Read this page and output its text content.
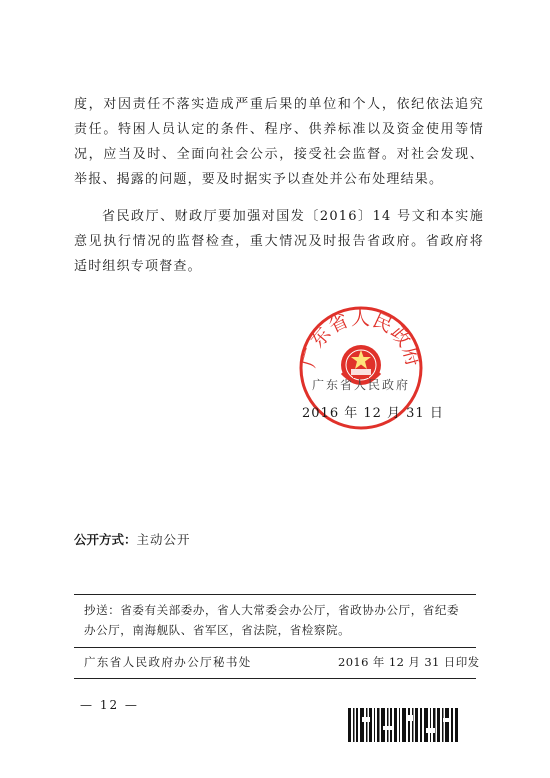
度，对因责任不落实造成严重后果的单位和个人，依纪依法追究责任。特困人员认定的条件、程序、供养标准以及资金使用等情况，应当及时、全面向社会公示，接受社会监督。对社会发现、举报、揭露的问题，要及时据实予以查处并公布处理结果。

省民政厅、财政厅要加强对国发〔2016〕14 号文和本实施意见执行情况的监督检查，重大情况及时报告省政府。省政府将适时组织专项督查。

广东省人民政府
广东省人民政府
2016 年 12 月 31 日
公开方式：主动公开

抄送：省委有关部委办，省人大常委会办公厅，省政协办公厅，省纪委办公厅，南海舰队、省军区，省法院，省检察院。

广东省人民政府办公厅秘书处	2016 年 12 月 31 日印发
— 12 —
